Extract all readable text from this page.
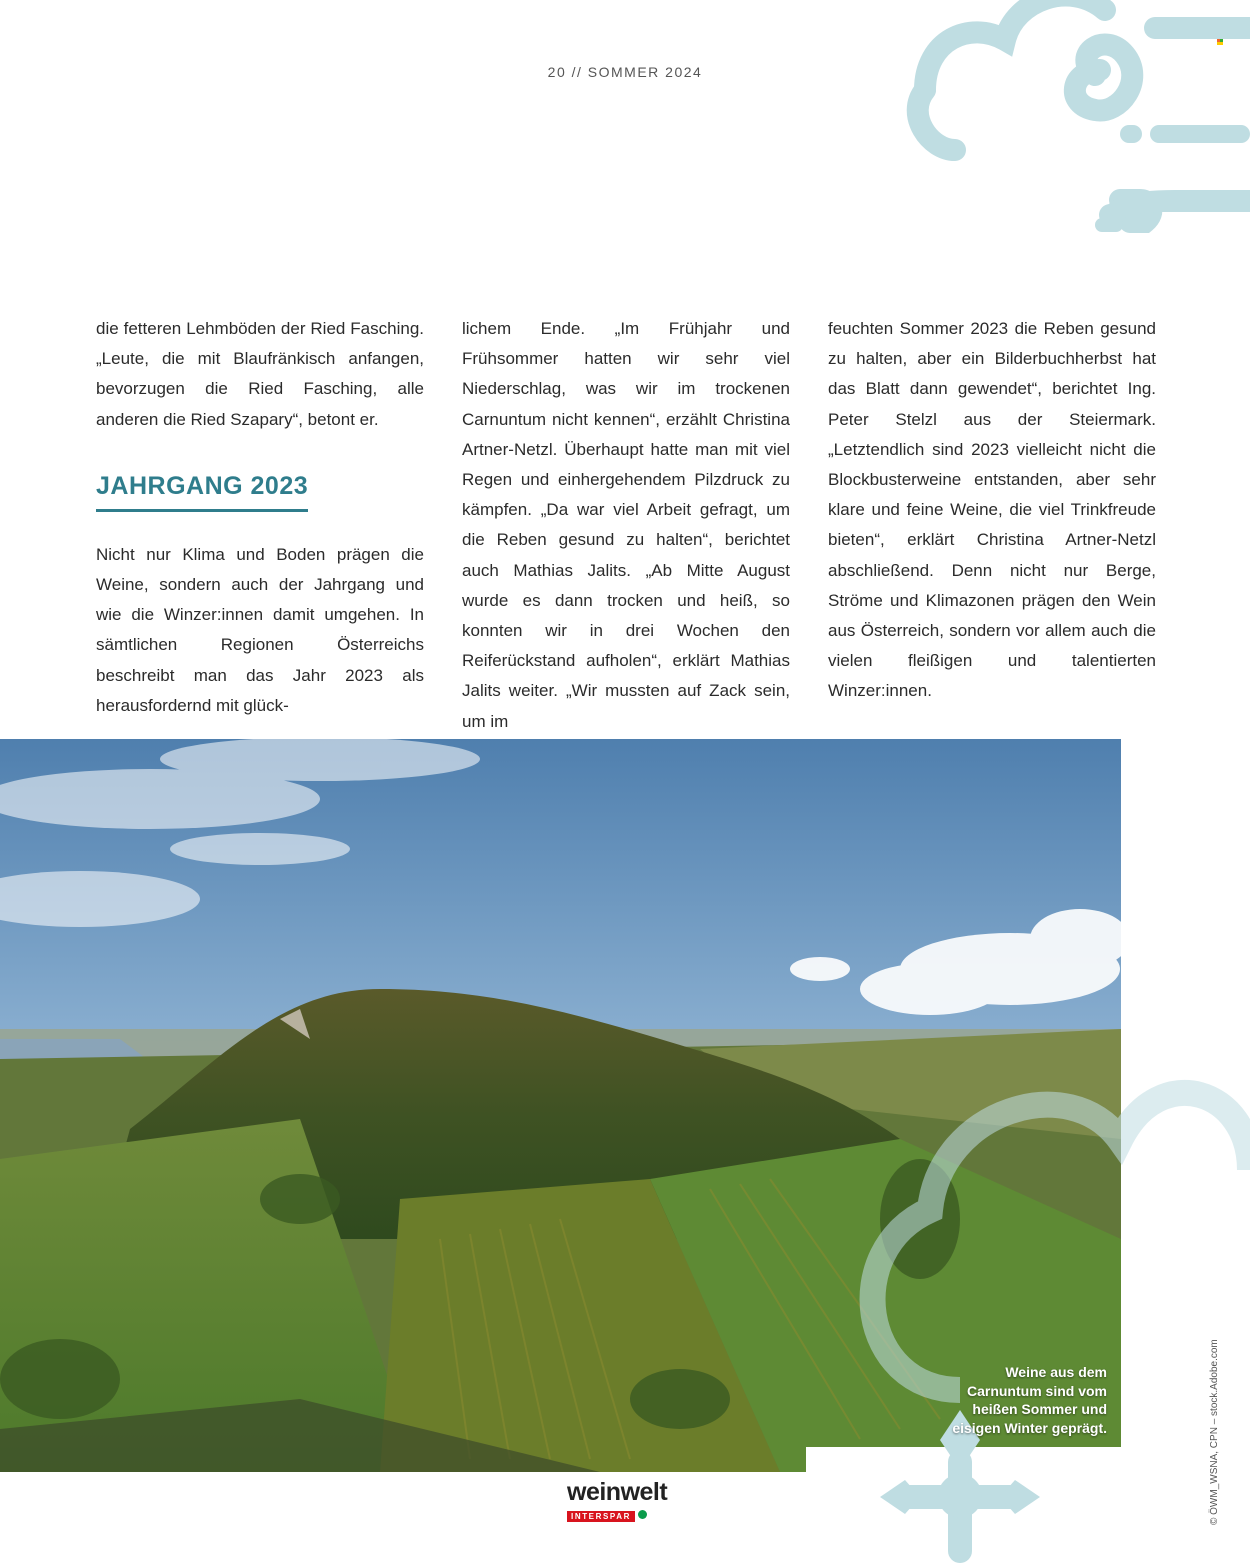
20 // SOMMER 2024

die fetteren Lehmböden der Ried Fasching. „Leute, die mit Blaufränkisch anfangen, bevorzugen die Ried Fasching, alle anderen die Ried Szapary“, betont er.

JAHRGANG 2023

Nicht nur Klima und Boden prägen die Weine, sondern auch der Jahrgang und wie die Winzer:innen damit umgehen. In sämtlichen Regionen Österreichs beschreibt man das Jahr 2023 als herausfordernd mit glück-

lichem Ende. „Im Frühjahr und Frühsommer hatten wir sehr viel Niederschlag, was wir im trockenen Carnuntum nicht kennen“, erzählt Christina Artner-Netzl. Überhaupt hatte man mit viel Regen und einhergehendem Pilzdruck zu kämpfen. „Da war viel Arbeit gefragt, um die Reben gesund zu halten“, berichtet auch Mathias Jalits. „Ab Mitte August wurde es dann trocken und heiß, so konnten wir in drei Wochen den Reiferückstand aufholen“, erklärt Mathias Jalits weiter. „Wir mussten auf Zack sein, um im

feuchten Sommer 2023 die Reben gesund zu halten, aber ein Bilderbuchherbst hat das Blatt dann gewendet“, berichtet Ing. Peter Stelzl aus der Steiermark. „Letztendlich sind 2023 vielleicht nicht die Blockbusterweine entstanden, aber sehr klare und feine Weine, die viel Trinkfreude bieten“, erklärt Christina Artner-Netzl abschließend. Denn nicht nur Berge, Ströme und Klimazonen prägen den Wein aus Österreich, sondern vor allem auch die vielen fleißigen und talentierten Winzer:innen.

Weine aus dem
Carnuntum sind vom
heißen Sommer und
eisigen Winter geprägt.	© ÖWM_WSNA, CPN – stock.Adobe.com
weinwelt
INTERSPAR
